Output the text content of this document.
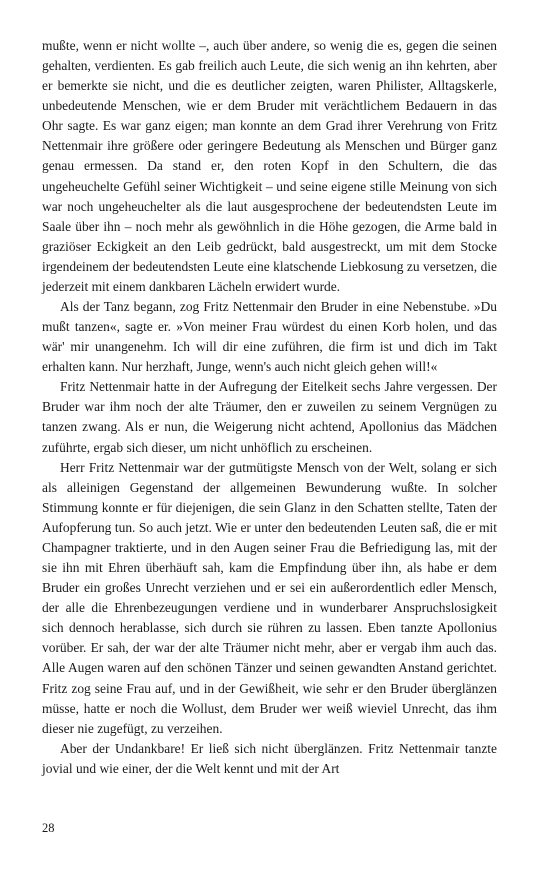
mußte, wenn er nicht wollte –, auch über andere, so wenig die es, gegen die seinen gehalten, verdienten. Es gab freilich auch Leute, die sich wenig an ihn kehrten, aber er bemerkte sie nicht, und die es deutlicher zeigten, waren Philister, Alltagskerle, unbedeutende Menschen, wie er dem Bruder mit verächtlichem Bedauern in das Ohr sagte. Es war ganz eigen; man konnte an dem Grad ihrer Verehrung von Fritz Nettenmair ihre größere oder geringere Bedeutung als Menschen und Bürger ganz genau ermessen. Da stand er, den roten Kopf in den Schultern, die das ungeheuchelte Gefühl seiner Wichtigkeit – und seine eigene stille Meinung von sich war noch ungeheuchelter als die laut ausgesprochene der bedeutendsten Leute im Saale über ihn – noch mehr als gewöhnlich in die Höhe gezogen, die Arme bald in graziöser Eckigkeit an den Leib gedrückt, bald ausgestreckt, um mit dem Stocke irgendeinem der bedeutendsten Leute eine klatschende Liebkosung zu versetzen, die jederzeit mit einem dankbaren Lächeln erwidert wurde.

Als der Tanz begann, zog Fritz Nettenmair den Bruder in eine Nebenstube. »Du mußt tanzen«, sagte er. »Von meiner Frau würdest du einen Korb holen, und das wär' mir unangenehm. Ich will dir eine zuführen, die firm ist und dich im Takt erhalten kann. Nur herzhaft, Junge, wenn's auch nicht gleich gehen will!«

Fritz Nettenmair hatte in der Aufregung der Eitelkeit sechs Jahre vergessen. Der Bruder war ihm noch der alte Träumer, den er zuweilen zu seinem Vergnügen zu tanzen zwang. Als er nun, die Weigerung nicht achtend, Apollonius das Mädchen zuführte, ergab sich dieser, um nicht unhöflich zu erscheinen.

Herr Fritz Nettenmair war der gutmütigste Mensch von der Welt, solang er sich als alleinigen Gegenstand der allgemeinen Bewunderung wußte. In solcher Stimmung konnte er für diejenigen, die sein Glanz in den Schatten stellte, Taten der Aufopferung tun. So auch jetzt. Wie er unter den bedeutenden Leuten saß, die er mit Champagner traktierte, und in den Augen seiner Frau die Befriedigung las, mit der sie ihn mit Ehren überhäuft sah, kam die Empfindung über ihn, als habe er dem Bruder ein großes Unrecht verziehen und er sei ein außerordentlich edler Mensch, der alle die Ehrenbezeugungen verdiene und in wunderbarer Anspruchslosigkeit sich dennoch herablasse, sich durch sie rühren zu lassen. Eben tanzte Apollonius vorüber. Er sah, der war der alte Träumer nicht mehr, aber er vergab ihm auch das. Alle Augen waren auf den schönen Tänzer und seinen gewandten Anstand gerichtet. Fritz zog seine Frau auf, und in der Gewißheit, wie sehr er den Bruder überglänzen müsse, hatte er noch die Wollust, dem Bruder wer weiß wieviel Unrecht, das ihm dieser nie zugefügt, zu verzeihen.

Aber der Undankbare! Er ließ sich nicht überglänzen. Fritz Nettenmair tanzte jovial und wie einer, der die Welt kennt und mit der Art

28
